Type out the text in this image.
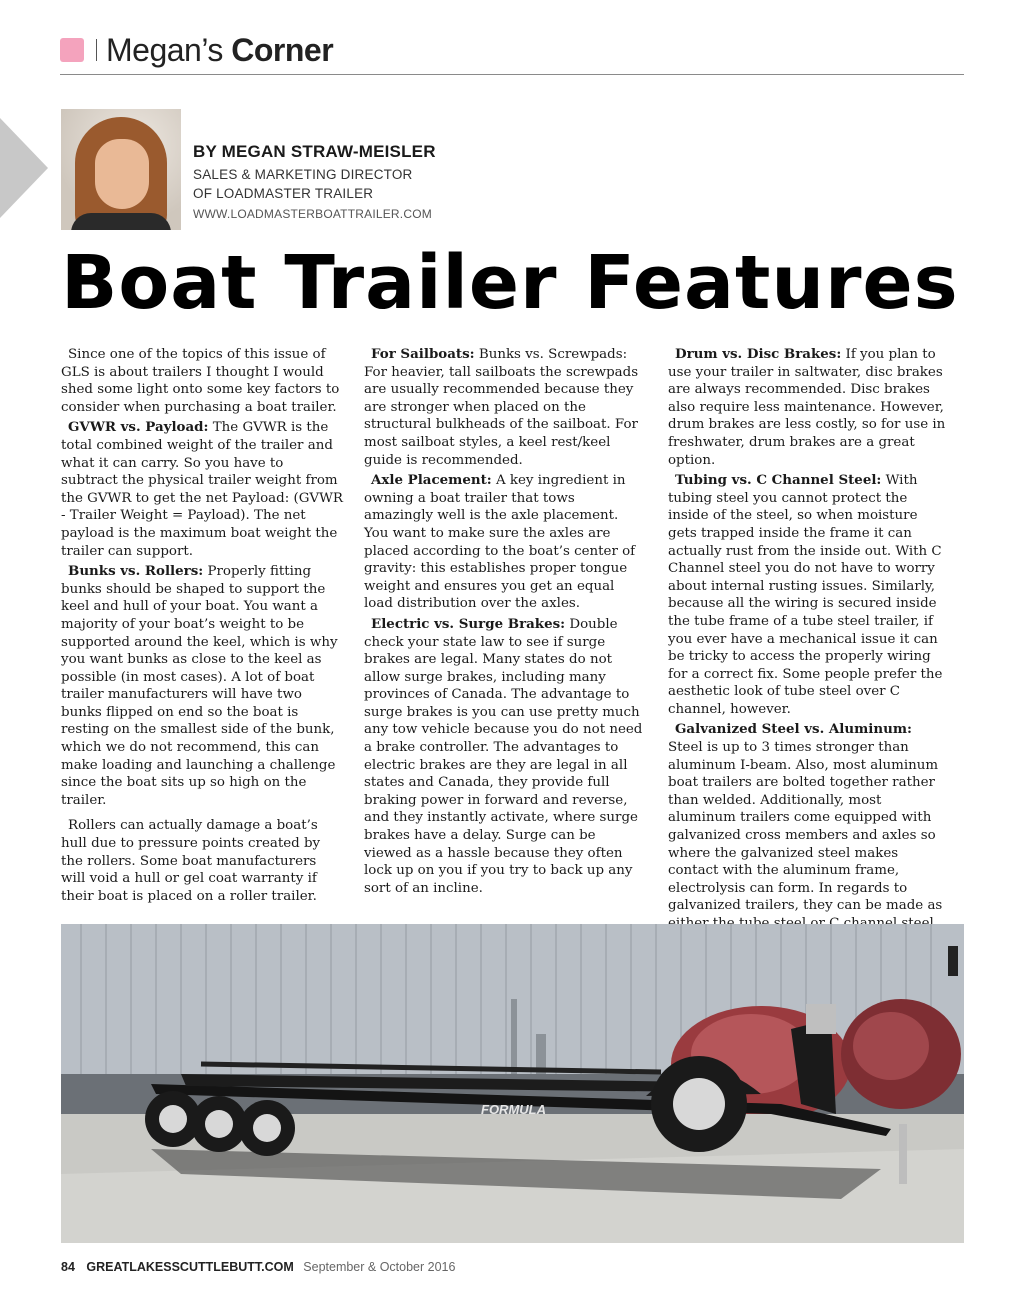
Megan’s Corner
BY MEGAN STRAW-MEISLER
SALES & MARKETING DIRECTOR
OF LOADMASTER TRAILER
WWW.LOADMASTERBOATTRAILER.COM
Boat Trailer Features

Since one of the topics of this issue of GLS is about trailers I thought I would shed some light onto some key factors to consider when purchasing a boat trailer.

GVWR vs. Payload: The GVWR is the total combined weight of the trailer and what it can carry. So you have to subtract the physical trailer weight from the GVWR to get the net Payload: (GVWR - Trailer Weight = Payload). The net payload is the maximum boat weight the trailer can support.

Bunks vs. Rollers: Properly fitting bunks should be shaped to support the keel and hull of your boat. You want a majority of your boat’s weight to be supported around the keel, which is why you want bunks as close to the keel as possible (in most cases). A lot of boat trailer manufacturers will have two bunks flipped on end so the boat is resting on the smallest side of the bunk, which we do not recommend, this can make loading and launching a challenge since the boat sits up so high on the trailer.

Rollers can actually damage a boat’s hull due to pressure points created by the rollers. Some boat manufacturers will void a hull or gel coat warranty if their boat is placed on a roller trailer.

For Sailboats: Bunks vs. Screwpads: For heavier, tall sailboats the screwpads are usually recommended because they are stronger when placed on the structural bulkheads of the sailboat. For most sailboat styles, a keel rest/keel guide is recommended.

Axle Placement: A key ingredient in owning a boat trailer that tows amazingly well is the axle placement. You want to make sure the axles are placed according to the boat’s center of gravity: this establishes proper tongue weight and ensures you get an equal load distribution over the axles.

Electric vs. Surge Brakes: Double check your state law to see if surge brakes are legal. Many states do not allow surge brakes, including many provinces of Canada. The advantage to surge brakes is you can use pretty much any tow vehicle because you do not need a brake controller. The advantages to electric brakes are they are legal in all states and Canada, they provide full braking power in forward and reverse, and they instantly activate, where surge brakes have a delay. Surge can be viewed as a hassle because they often lock up on you if you try to back up any sort of an incline.

Drum vs. Disc Brakes: If you plan to use your trailer in saltwater, disc brakes are always recommended. Disc brakes also require less maintenance. However, drum brakes are less costly, so for use in freshwater, drum brakes are a great option.

Tubing vs. C Channel Steel: With tubing steel you cannot protect the inside of the steel, so when moisture gets trapped inside the frame it can actually rust from the inside out. With C Channel steel you do not have to worry about internal rusting issues. Similarly, because all the wiring is secured inside the tube frame of a tube steel trailer, if you ever have a mechanical issue it can be tricky to access the properly wiring for a correct fix. Some people prefer the aesthetic look of tube steel over C channel, however.

Galvanized Steel vs. Aluminum: Steel is up to 3 times stronger than aluminum I-beam. Also, most aluminum boat trailers are bolted together rather than welded. Additionally, most aluminum trailers come equipped with galvanized cross members and axles so where the galvanized steel makes contact with the aluminum frame, electrolysis can form. In regards to galvanized trailers, they can be made as

FORMULA
84 GREATLAKESSCUTTLEBUTT.COM September & October 2016
